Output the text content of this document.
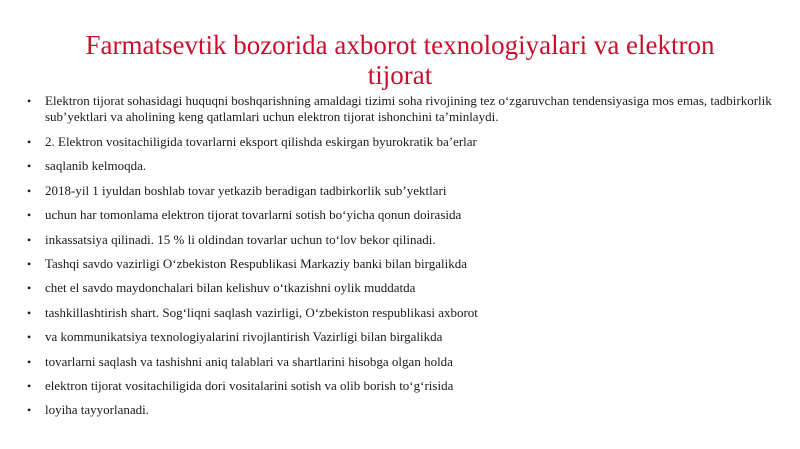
Farmatsevtik bozorida axborot texnologiyalari va elektron tijorat
• Elektron tijorat sohasidagi huquqni boshqarishning amaldagi tizimi soha rivojining tez o‘zgaruvchan tendensiyasiga mos emas, tadbirkorlik sub’yektlari va aholining keng qatlamlari uchun elektron tijorat ishonchini ta’minlaydi.
• 2. Elektron vositachiligida tovarlarni eksport qilishda eskirgan byurokratik ba’erlar
• saqlanib kelmoqda.
• 2018-yil 1 iyuldan boshlab tovar yetkazib beradigan tadbirkorlik sub’yektlari
• uchun har tomonlama elektron tijorat tovarlarni sotish bo‘yicha qonun doirasida
• inkassatsiya qilinadi. 15 % li oldindan tovarlar uchun to‘lov bekor qilinadi.
• Tashqi savdo vazirligi O‘zbekiston Respublikasi Markaziy banki bilan birgalikda
• chet el savdo maydonchalari bilan kelishuv o‘tkazishni oylik muddatda
• tashkillashtirish shart. Sog‘liqni saqlash vazirligi, O‘zbekiston respublikasi axborot
• va kommunikatsiya texnologiyalarini rivojlantirish Vazirligi bilan birgalikda
• tovarlarni saqlash va tashishni aniq talablari va shartlarini hisobga olgan holda
• elektron tijorat vositachiligida dori vositalarini sotish va olib borish to‘g‘risida
• loyiha tayyorlanadi.
